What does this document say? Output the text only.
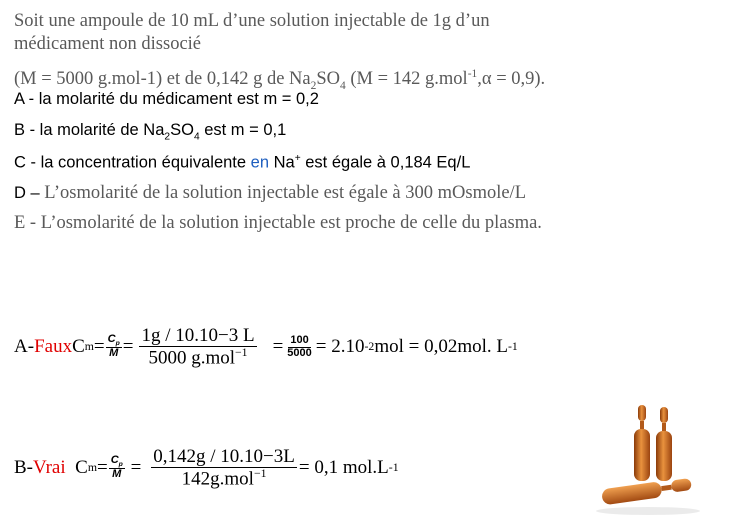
Soit une ampoule de 10 mL d’une solution injectable de 1g d’un
médicament non dissocié
(M = 5000 g.mol-1) et de 0,142 g de $Na_2SO_4$ (M = 142 g.mol$^{-1}$,α = 0,9).
A - la molarité du médicament est m = 0,2
B - la molarité de $Na_2SO_4$ est m = 0,1
C - la concentration équivalente en Na+ est égale à 0,184 Eq/L
D – L’osmolarité de la solution injectable est égale à 300 mOsmole/L
E - L’osmolarité de la solution injectable est proche de celle du plasma.
A- Faux C $m = \frac{C_p}{M} = \frac{1g / 10.10-3 L}{5000 g.mol^{-1}} = \frac{100}{5000} = 2.10$ -2 mol = 0,02mol. L -1
B- Vrai C $m = \frac{C_p}{M} = \frac{0,142g / 10.10-3L}{142g.mol^{-1}} = 0,1$ mol.L -1
